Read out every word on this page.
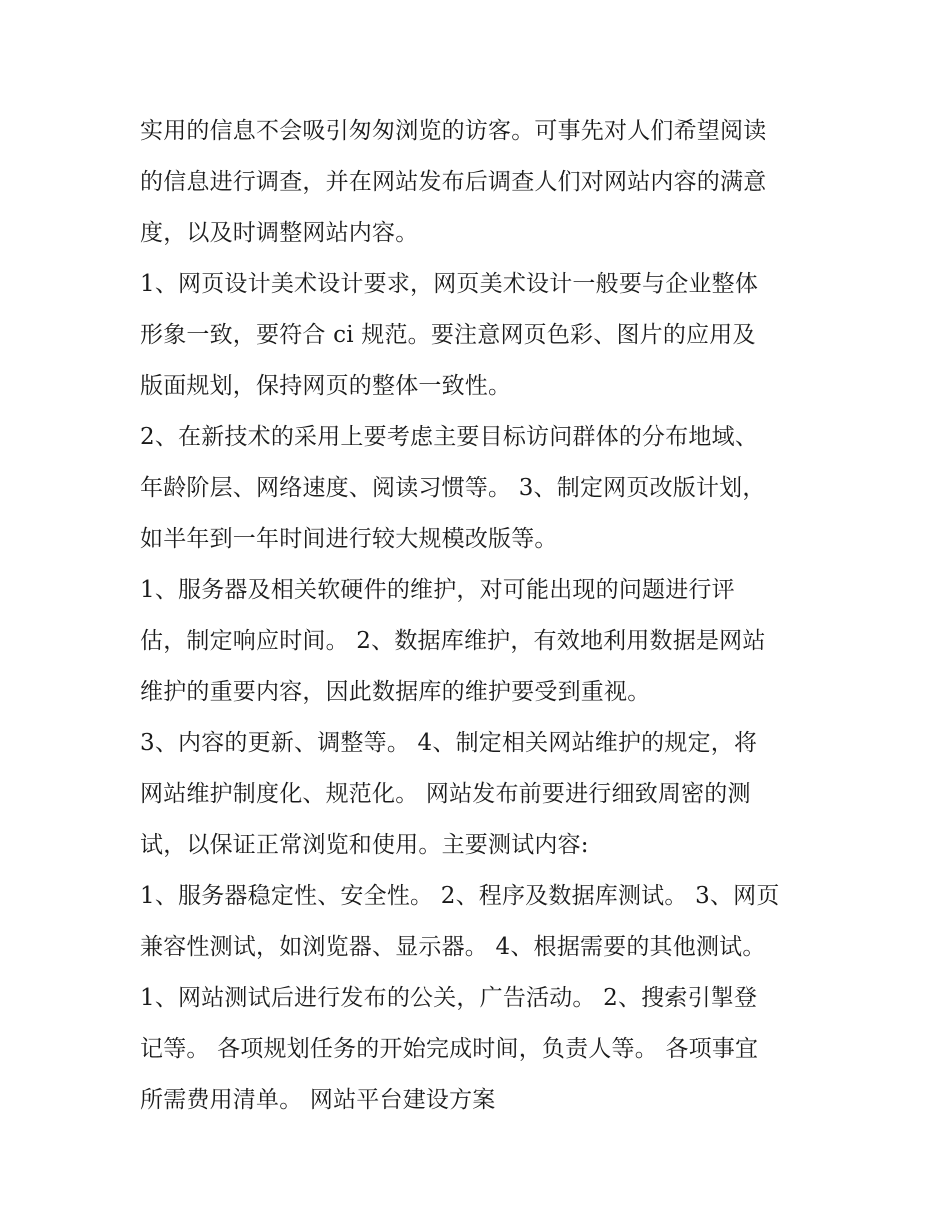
实用的信息不会吸引匆匆浏览的访客。可事先对人们希望阅读
的信息进行调查，并在网站发布后调查人们对网站内容的满意
度，以及时调整网站内容。
1、网页设计美术设计要求，网页美术设计一般要与企业整体
形象一致，要符合 ci 规范。要注意网页色彩、图片的应用及
版面规划，保持网页的整体一致性。
2、在新技术的采用上要考虑主要目标访问群体的分布地域、
年龄阶层、网络速度、阅读习惯等。 3、制定网页改版计划，
如半年到一年时间进行较大规模改版等。
1、服务器及相关软硬件的维护，对可能出现的问题进行评
估，制定响应时间。 2、数据库维护，有效地利用数据是网站
维护的重要内容，因此数据库的维护要受到重视。
3、内容的更新、调整等。 4、制定相关网站维护的规定，将
网站维护制度化、规范化。 网站发布前要进行细致周密的测
试，以保证正常浏览和使用。主要测试内容:
1、服务器稳定性、安全性。 2、程序及数据库测试。 3、网页
兼容性测试，如浏览器、显示器。 4、根据需要的其他测试。
1、网站测试后进行发布的公关，广告活动。 2、搜索引掣登
记等。 各项规划任务的开始完成时间，负责人等。 各项事宜
所需费用清单。 网站平台建设方案
